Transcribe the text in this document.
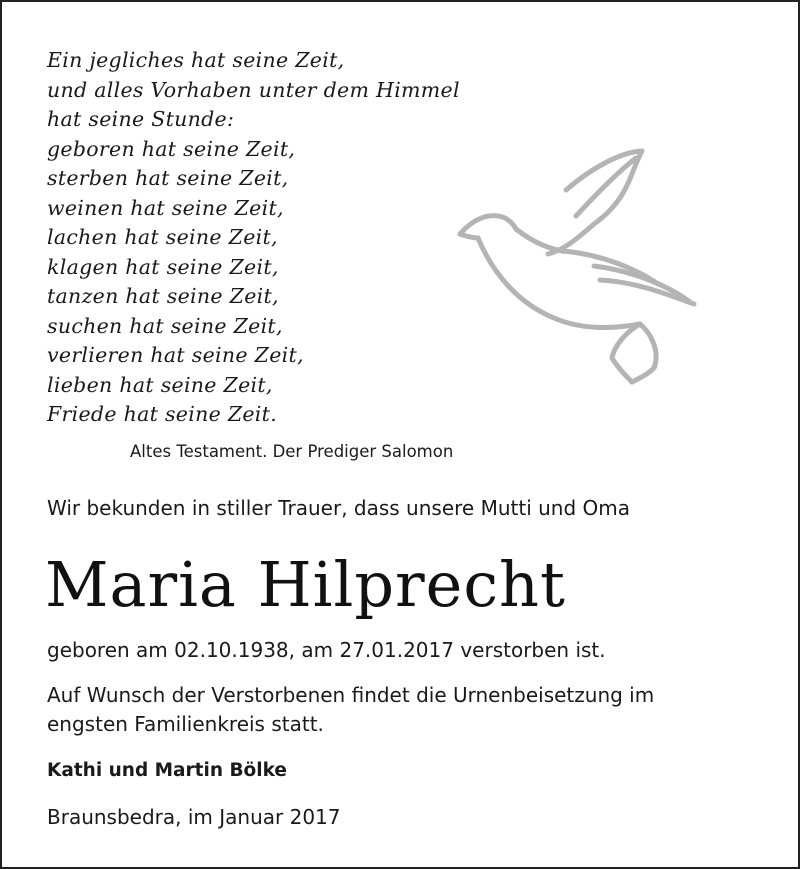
Ein jegliches hat seine Zeit,
und alles Vorhaben unter dem Himmel
hat seine Stunde:
geboren hat seine Zeit,
sterben hat seine Zeit,
weinen hat seine Zeit,
lachen hat seine Zeit,
klagen hat seine Zeit,
tanzen hat seine Zeit,
suchen hat seine Zeit,
verlieren hat seine Zeit,
lieben hat seine Zeit,
Friede hat seine Zeit.
Altes Testament. Der Prediger Salomon
Wir bekunden in stiller Trauer, dass unsere Mutti und Oma
Maria Hilprecht
geboren am 02.10.1938, am 27.01.2017 verstorben ist.
Auf Wunsch der Verstorbenen findet die Urnenbeisetzung im
engsten Familienkreis statt.
Kathi und Martin Bölke
Braunsbedra, im Januar 2017
